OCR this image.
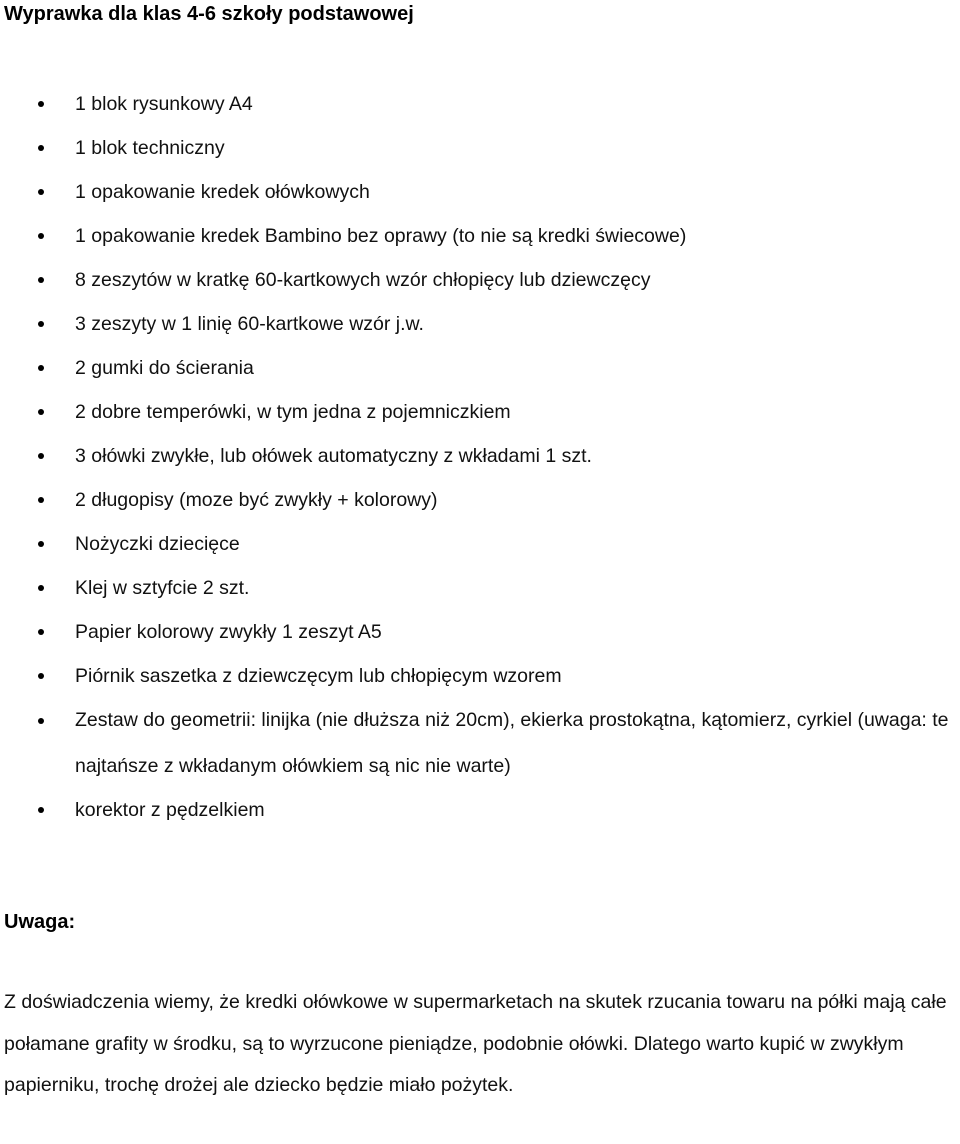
Wyprawka dla klas 4-6 szkoły podstawowej
1 blok rysunkowy A4
1 blok techniczny
1 opakowanie kredek ołówkowych
1 opakowanie kredek Bambino bez oprawy (to nie są kredki świecowe)
8 zeszytów w kratkę 60-kartkowych wzór chłopięcy lub dziewczęcy
3 zeszyty w 1 linię 60-kartkowe wzór j.w.
2 gumki do ścierania
2 dobre temperówki, w tym jedna z pojemniczkiem
3 ołówki zwykłe, lub ołówek automatyczny z wkładami 1 szt.
2 długopisy (moze być zwykły + kolorowy)
Nożyczki dziecięce
Klej w sztyfcie 2 szt.
Papier kolorowy zwykły 1 zeszyt A5
Piórnik saszetka z dziewczęcym lub chłopięcym wzorem
Zestaw do geometrii: linijka (nie dłuższa niż 20cm), ekierka prostokątna, kątomierz, cyrkiel (uwaga: te najtańsze z wkładanym ołówkiem są nic nie warte)
korektor z pędzelkiem
Uwaga:

Z doświadczenia wiemy, że kredki ołówkowe w supermarketach na skutek rzucania towaru na półki mają całe połamane grafity w środku, są to wyrzucone pieniądze, podobnie ołówki. Dlatego warto kupić w zwykłym papierniku, trochę drożej ale dziecko będzie miało pożytek.
